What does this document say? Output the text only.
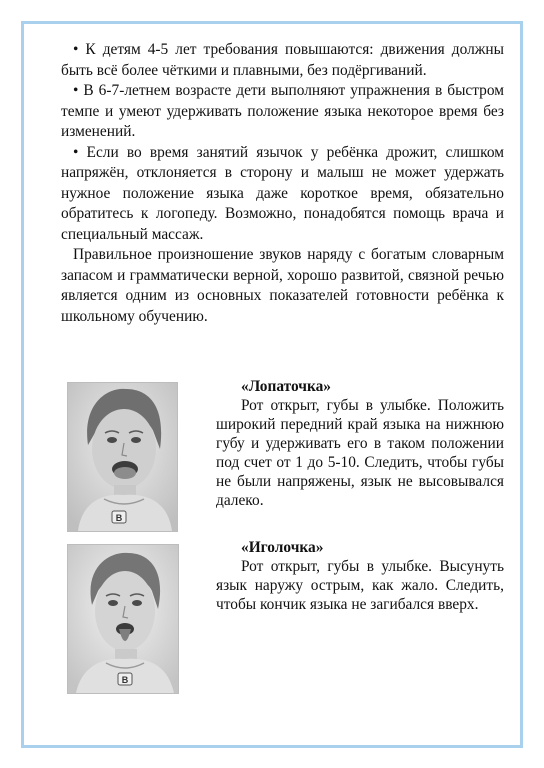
• К детям 4-5 лет требования повышаются: движения должны быть всё более чёткими и плавными, без подёргиваний.

• В 6-7-летнем возрасте дети выполняют упражнения в быстром темпе и умеют удерживать положение языка некоторое время без изменений.

• Если во время занятий язычок у ребёнка дрожит, слишком напряжён, отклоняется в сторону и малыш не может удержать нужное положение языка даже короткое время, обязательно обратитесь к логопеду. Возможно, понадобятся помощь врача и специальный массаж.

Правильное произношение звуков наряду с богатым словарным запасом и грамматически верной, хорошо развитой, связной речью является одним из основных показателей готовности ребёнка к школьному обучению.

B
B

«Лопаточка»

Рот открыт, губы в улыбке. Положить широкий передний край языка на нижнюю губу и удерживать его в таком положении под счет от 1 до 5-10. Следить, чтобы губы не были напряжены, язык не высовывался далеко.

«Иголочка»

Рот открыт, губы в улыбке. Высунуть язык наружу острым, как жало. Следить, чтобы кончик языка не загибался вверх.
